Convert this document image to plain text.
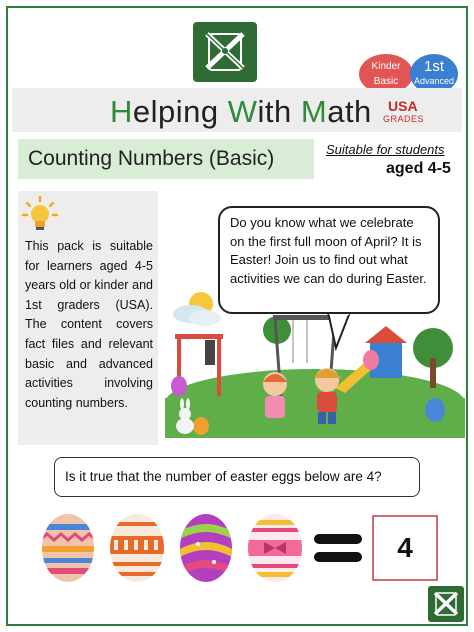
Kinder
Basic
1st
Advanced
Helping With Math USA
GRADES
Counting Numbers (Basic)	Suitable for students
aged 4-5
This pack is suitable for learners aged 4-5 years old or kinder and 1st graders (USA). The content covers fact files and relevant basic and advanced activities involving counting numbers.
Do you know what we celebrate on the first full moon of April? It is Easter! Join us to find out what activities we can do during Easter.
Is it true that the number of easter eggs below are 4?
4
